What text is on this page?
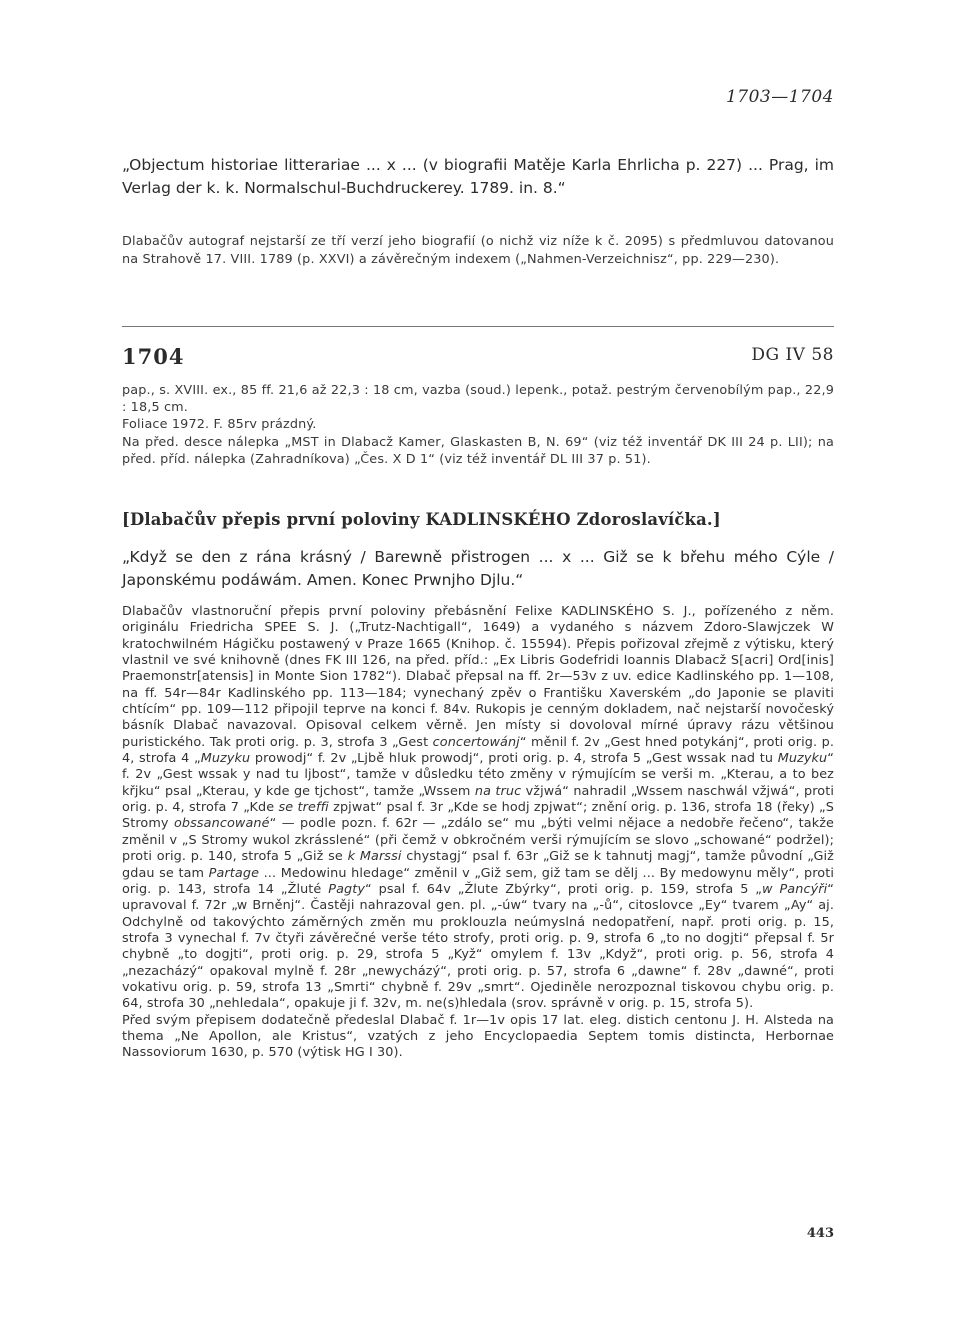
1703—1704
„Objectum historiae litterariae ... x ... (v biografii Matěje Karla Ehrlicha p. 227) ... Prag, im Verlag der k. k. Normalschul-Buchdruckerey. 1789. in. 8.“
Dlabačův autograf nejstarší ze tří verzí jeho biografií (o nichž viz níže k č. 2095) s předmluvou datovanou na Strahově 17. VIII. 1789 (p. XXVI) a závěrečným indexem („Nahmen-Verzeichnisz“, pp. 229—230).
1704	DG IV 58

pap., s. XVIII. ex., 85 ff. 21,6 až 22,3 : 18 cm, vazba (soud.) lepenk., potaž. pestrým červenobílým pap., 22,9 : 18,5 cm.

Foliace 1972. F. 85rv prázdný.

Na před. desce nálepka „MST in Dlabacž Kamer, Glaskasten B, N. 69“ (viz též inventář DK III 24 p. LII); na před. příd. nálepka (Zahradníkova) „Čes. X D 1“ (viz též inventář DL III 37 p. 51).

[Dlabačův přepis první poloviny KADLINSKÉHO Zdoroslavíčka.]
„Když se den z rána krásný / Barewně přistrogen ... x ... Giž se k břehu mého Cýle / Japonskému podáwám. Amen. Konec Prwnjho Djlu.“

Dlabačův vlastnoruční přepis první poloviny přebásnění Felixe KADLINSKÉHO S. J., pořízeného z něm. originálu Friedricha SPEE S. J. („Trutz-Nachtigall“, 1649) a vydaného s názvem Zdoro-Slawjczek W kratochwilném Hágičku postawený v Praze 1665 (Knihop. č. 15594). Přepis pořizoval zřejmě z výtisku, který vlastnil ve své knihovně (dnes FK III 126, na před. příd.: „Ex Libris Godefridi Ioannis Dlabacž S[acri] Ord[inis] Praemonstr[atensis] in Monte Sion 1782“). Dlabač přepsal na ff. 2r—53v z uv. edice Kadlinského pp. 1—108, na ff. 54r—84r Kadlinského pp. 113—184; vynechaný zpěv o Františku Xaverském „do Japonie se plaviti chtícím“ pp. 109—112 připojil teprve na konci f. 84v. Rukopis je cenným dokladem, nač nejstarší novočeský básník Dlabač navazoval. Opisoval celkem věrně. Jen místy si dovoloval mírné úpravy rázu většinou puristického. Tak proti orig. p. 3, strofa 3 „Gest concertowánj“ měnil f. 2v „Gest hned potykánj“, proti orig. p. 4, strofa 4 „Muzyku prowodj“ f. 2v „Ljbě hluk prowodj“, proti orig. p. 4, strofa 5 „Gest wssak nad tu Muzyku“ f. 2v „Gest wssak y nad tu ljbost“, tamže v důsledku této změny v rýmujícím se verši m. „Kterau, a to bez křjku“ psal „Kterau, y kde ge tjchost“, tamže „Wssem na truc vžjwá“ nahradil „Wssem naschwál vžjwá“, proti orig. p. 4, strofa 7 „Kde se treffi zpjwat“ psal f. 3r „Kde se hodj zpjwat“; znění orig. p. 136, strofa 18 (řeky) „S Stromy obssancowané“ — podle pozn. f. 62r — „zdálo se“ mu „býti velmi nějace a nedobře řečeno“, takže změnil v „S Stromy wukol zkrásslené“ (při čemž v obkročném verši rýmujícím se slovo „schowané“ podržel); proti orig. p. 140, strofa 5 „Giž se k Marssi chystagj“ psal f. 63r „Giž se k tahnutj magj“, tamže původní „Giž gdau se tam Partage ... Medowinu hledage“ změnil v „Giž sem, giž tam se dělj ... By medowynu měly“, proti orig. p. 143, strofa 14 „Žluté Pagty“ psal f. 64v „Žlute Zbýrky“, proti orig. p. 159, strofa 5 „w Pancýři“ upravoval f. 72r „w Brněnj“. Častěji nahrazoval gen. pl. „-úw“ tvary na „-ů“, citoslovce „Ey“ tvarem „Ay“ aj. Odchylně od takovýchto záměrných změn mu proklouzla neúmyslná nedopatření, např. proti orig. p. 15, strofa 3 vynechal f. 7v čtyři závěrečné verše této strofy, proti orig. p. 9, strofa 6 „to no dogjti“ přepsal f. 5r chybně „to dogjti“, proti orig. p. 29, strofa 5 „Kyž“ omylem f. 13v „Když“, proti orig. p. 56, strofa 4 „nezacházý“ opakoval mylně f. 28r „newycházý“, proti orig. p. 57, strofa 6 „dawne“ f. 28v „dawné“, proti vokativu orig. p. 59, strofa 13 „Smrti“ chybně f. 29v „smrt“. Ojediněle nerozpoznal tiskovou chybu orig. p. 64, strofa 30 „nehledala“, opakuje ji f. 32v, m. ne(s)hledala (srov. správně v orig. p. 15, strofa 5).

Před svým přepisem dodatečně předeslal Dlabač f. 1r—1v opis 17 lat. eleg. distich centonu J. H. Alsteda na thema „Ne Apollon, ale Kristus“, vzatých z jeho Encyclopaedia Septem tomis distincta, Herbornae Nassoviorum 1630, p. 570 (výtisk HG I 30).

443
